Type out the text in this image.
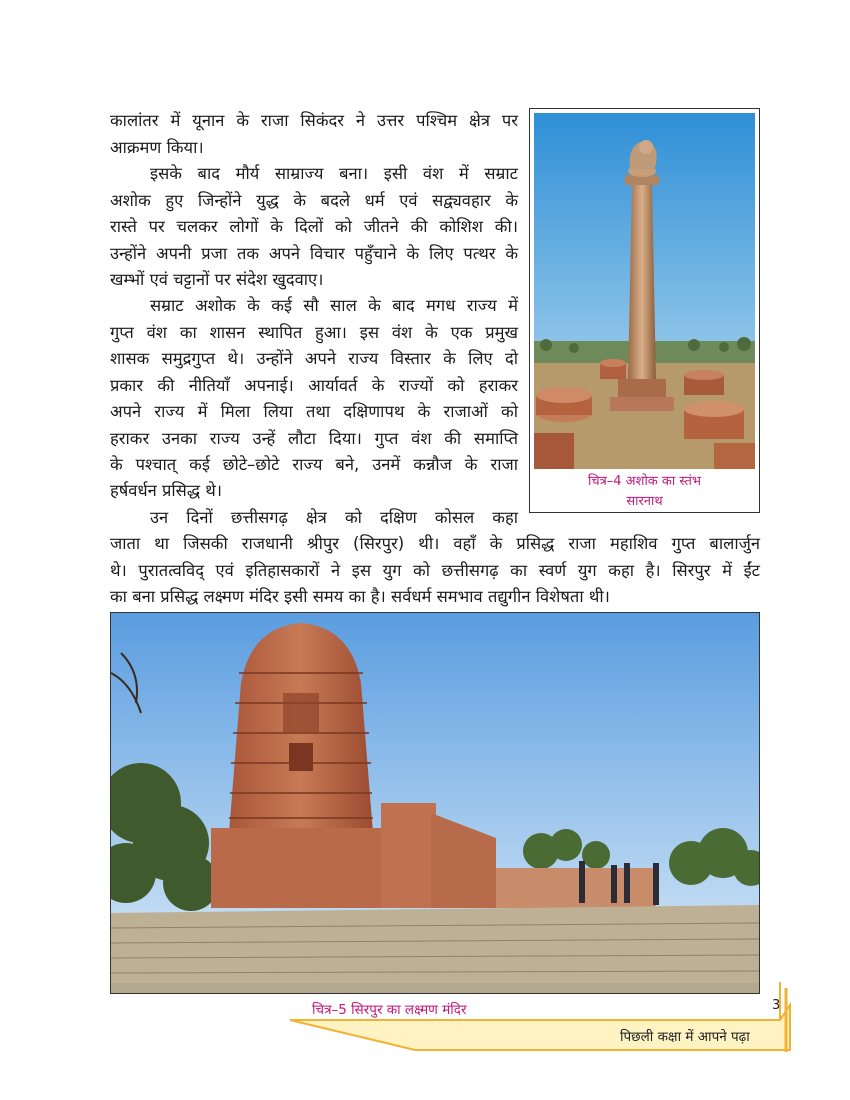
कालांतर में यूनान के राजा सिकंदर ने उत्तर पश्चिम क्षेत्र पर
आक्रमण किया।
इसके बाद मौर्य साम्राज्य बना। इसी वंश में सम्राट
अशोक हुए जिन्होंने युद्ध के बदले धर्म एवं सद्व्यवहार के
रास्ते पर चलकर लोगों के दिलों को जीतने की कोशिश की।
उन्होंने अपनी प्रजा तक अपने विचार पहुँचाने के लिए पत्थर के
खम्भों एवं चट्टानों पर संदेश खुदवाए।
सम्राट अशोक के कई सौ साल के बाद मगध राज्य में
गुप्त वंश का शासन स्थापित हुआ। इस वंश के एक प्रमुख
शासक समुद्रगुप्त थे। उन्होंने अपने राज्य विस्तार के लिए दो
प्रकार की नीतियाँ अपनाई। आर्यावर्त के राज्यों को हराकर
अपने राज्य में मिला लिया तथा दक्षिणापथ के राजाओं को
हराकर उनका राज्य उन्हें लौटा दिया। गुप्त वंश की समाप्ति
के पश्चात् कई छोटे–छोटे राज्य बने, उनमें कन्नौज के राजा
हर्षवर्धन प्रसिद्ध थे।
उन दिनों छत्तीसगढ़ क्षेत्र को दक्षिण कोसल कहा
जाता था जिसकी राजधानी श्रीपुर (सिरपुर) थी। वहाँ के प्रसिद्ध राजा महाशिव गुप्त बालार्जुन
थे। पुरातत्वविद् एवं इतिहासकारों ने इस युग को छत्तीसगढ़ का स्वर्ण युग कहा है। सिरपुर में ईंट
का बना प्रसिद्ध लक्ष्मण मंदिर इसी समय का है। सर्वधर्म समभाव तद्युगीन विशेषता थी।
चित्र–4 अशोक का स्तंभ
सारनाथ
चित्र–5 सिरपुर का लक्ष्मण मंदिर	3
पिछली कक्षा में आपने पढ़ा
